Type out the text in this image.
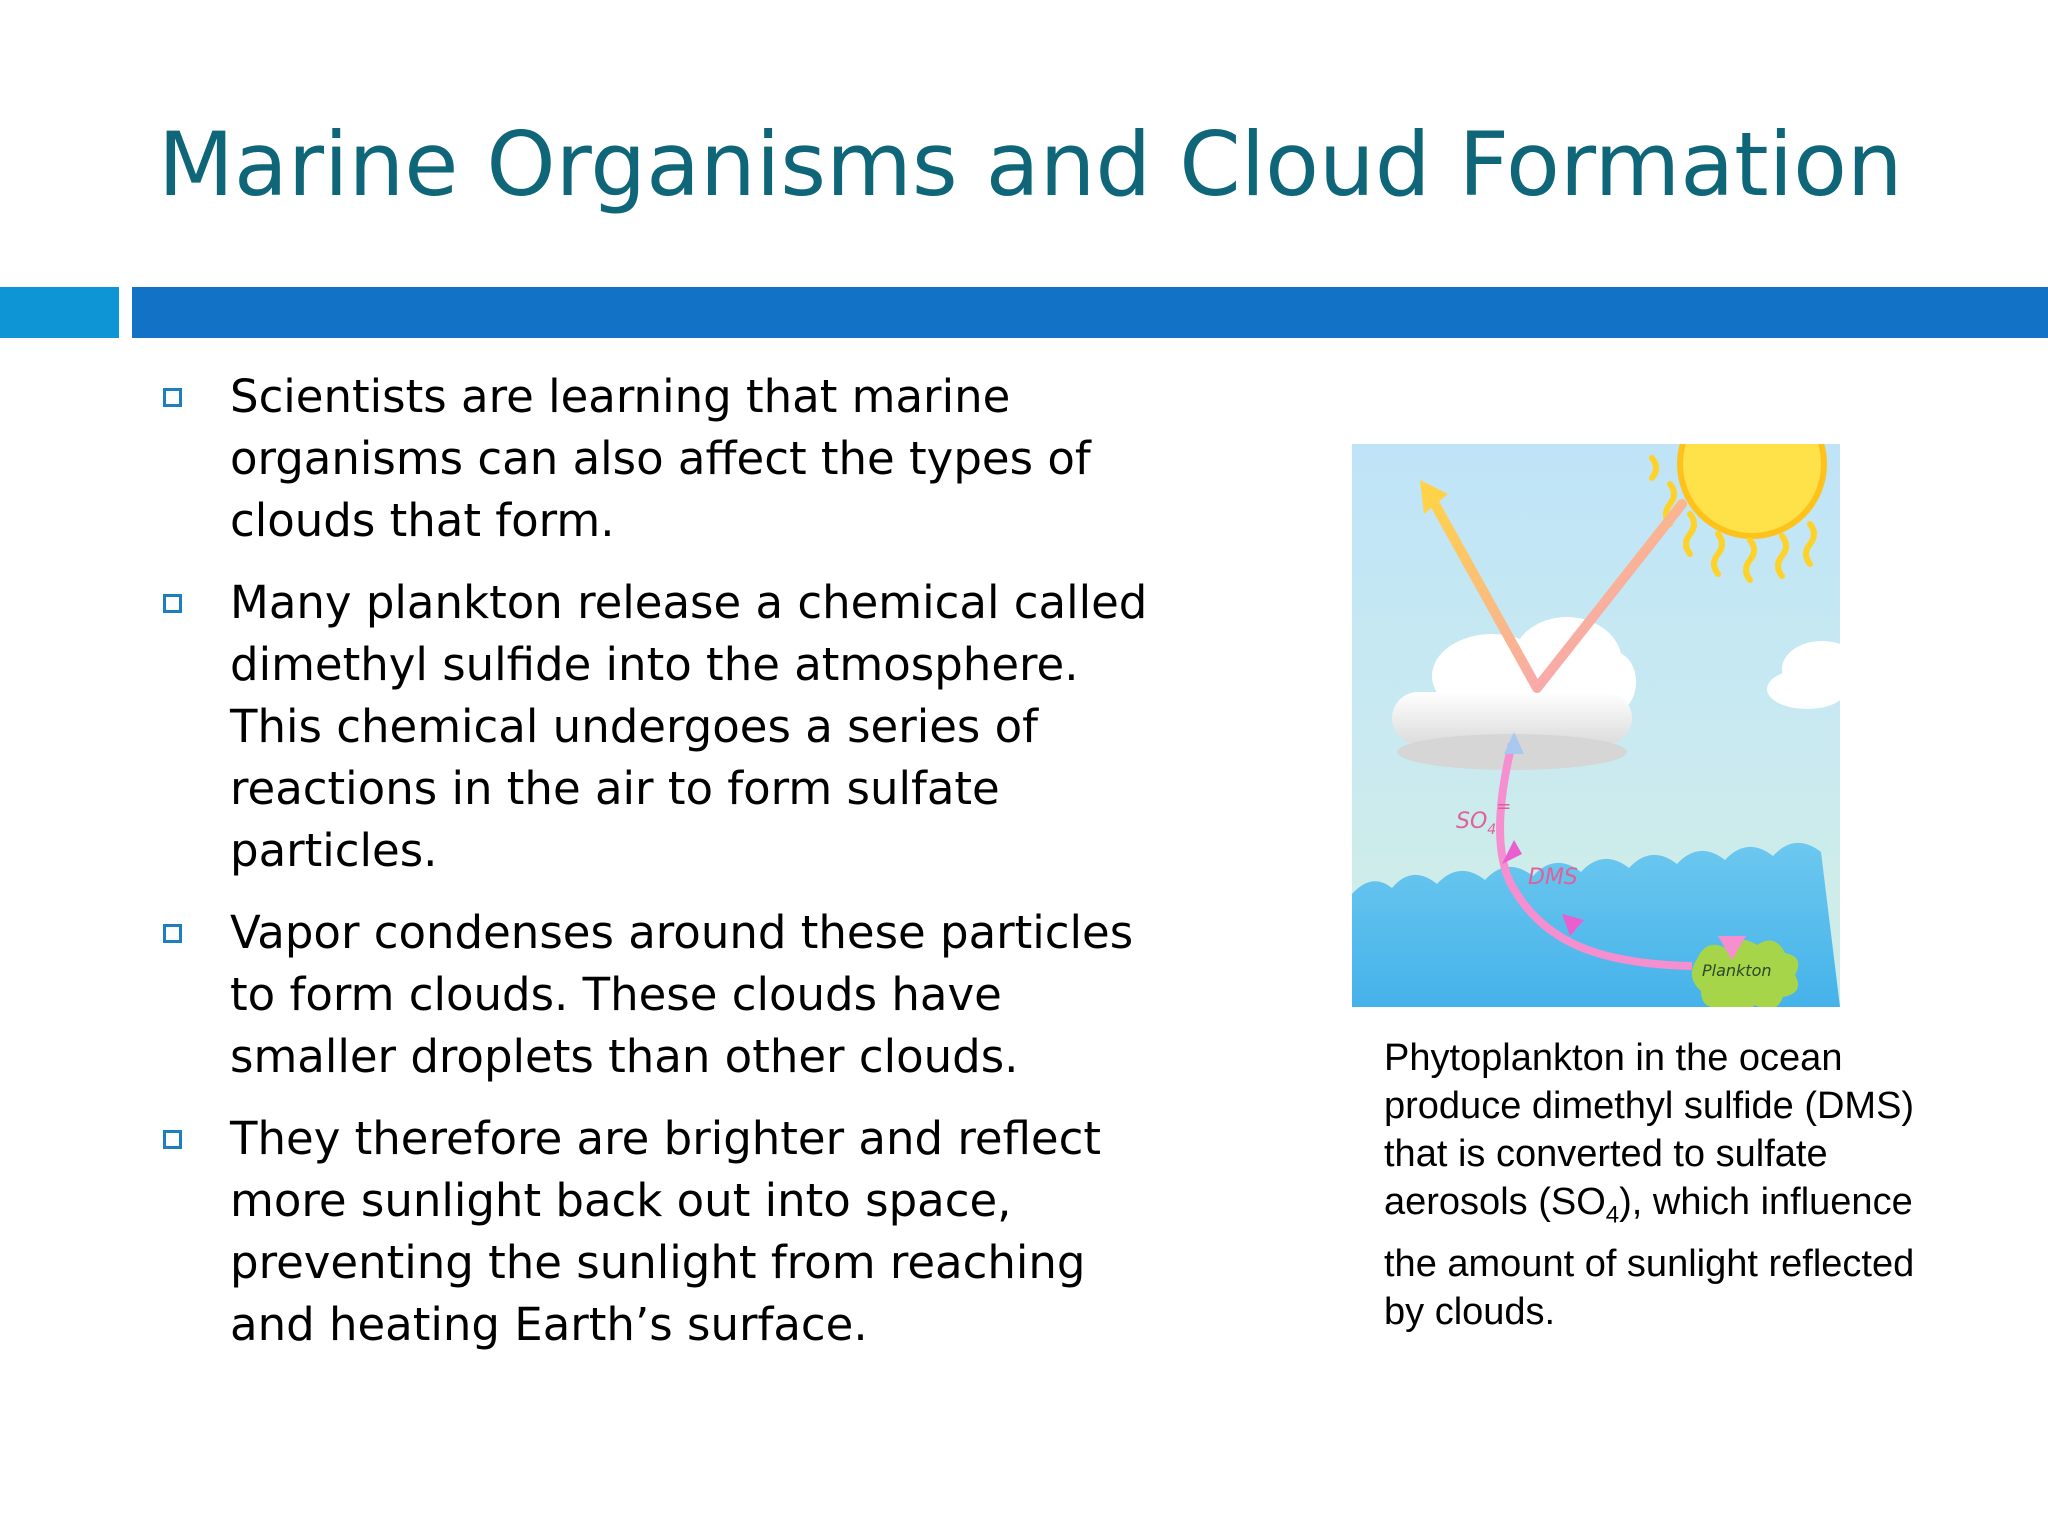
Marine Organisms and Cloud Formation
Scientists are learning that marine organisms can also affect the types of clouds that form.
Many plankton release a chemical called dimethyl sulfide into the atmosphere. This chemical undergoes a series of reactions in the air to form sulfate particles.
Vapor condenses around these particles to form clouds. These clouds have smaller droplets than other clouds.
They therefore are brighter and reflect more sunlight back out into space, preventing the sunlight from reaching and heating Earth’s surface.
$SO_4^=$
DMS
Plankton
Phytoplankton in the ocean produce dimethyl sulfide (DMS) that is converted to sulfate aerosols $(SO_4)$, which influence the amount of sunlight reflected by clouds.
